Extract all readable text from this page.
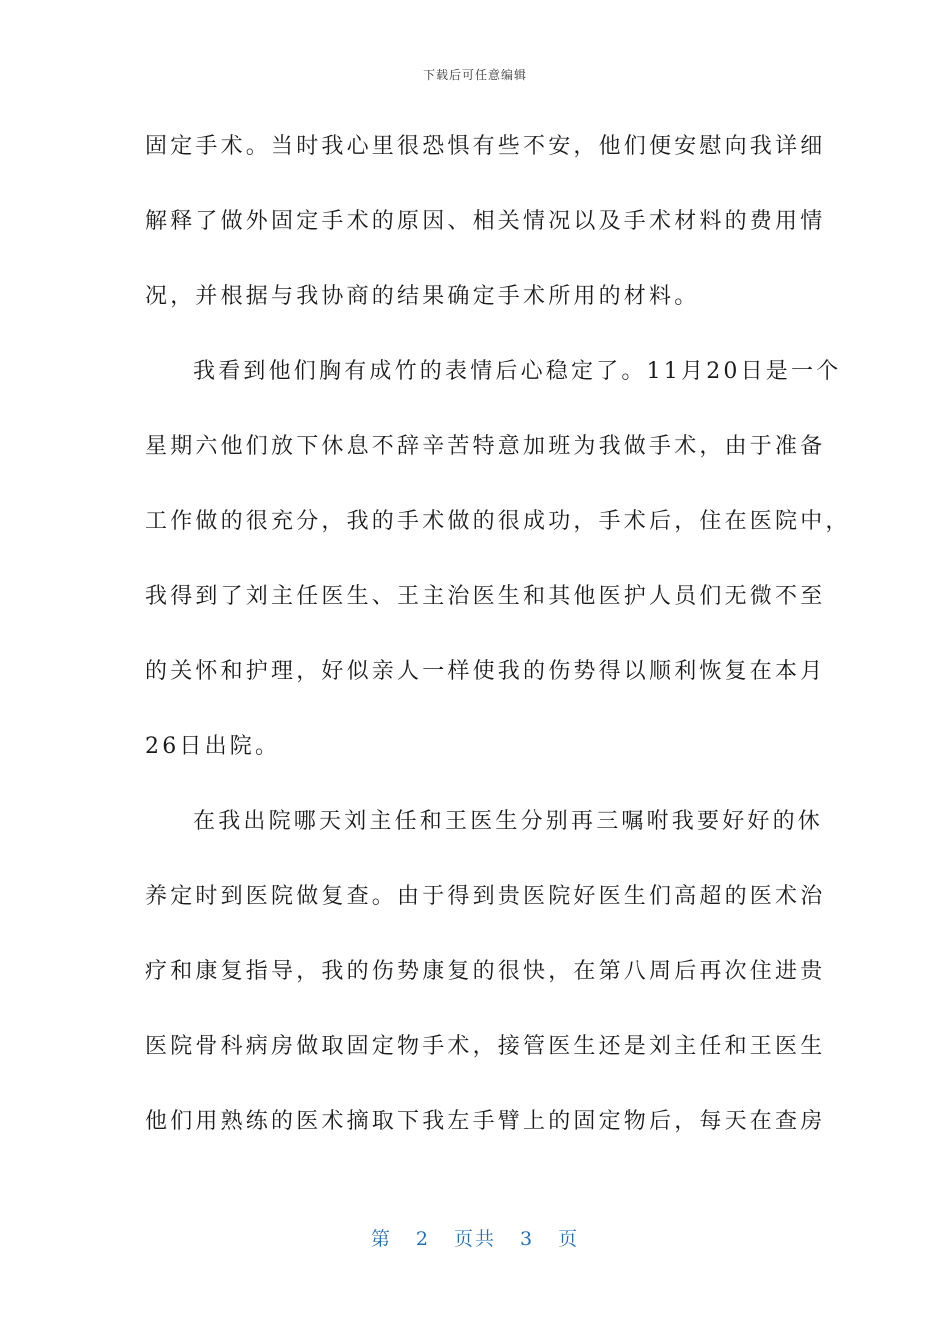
下载后可任意编辑
固定手术。当时我心里很恐惧有些不安，他们便安慰向我详细
解释了做外固定手术的原因、相关情况以及手术材料的费用情
况，并根据与我协商的结果确定手术所用的材料。
我看到他们胸有成竹的表情后心稳定了。11月20日是一个
星期六他们放下休息不辞辛苦特意加班为我做手术，由于准备
工作做的很充分，我的手术做的很成功，手术后，住在医院中，
我得到了刘主任医生、王主治医生和其他医护人员们无微不至
的关怀和护理，好似亲人一样使我的伤势得以顺利恢复在本月
26日出院。
在我出院哪天刘主任和王医生分别再三嘱咐我要好好的休
养定时到医院做复查。由于得到贵医院好医生们高超的医术治
疗和康复指导，我的伤势康复的很快，在第八周后再次住进贵
医院骨科病房做取固定物手术，接管医生还是刘主任和王医生
他们用熟练的医术摘取下我左手臂上的固定物后，每天在查房
第 2 页共 3 页
